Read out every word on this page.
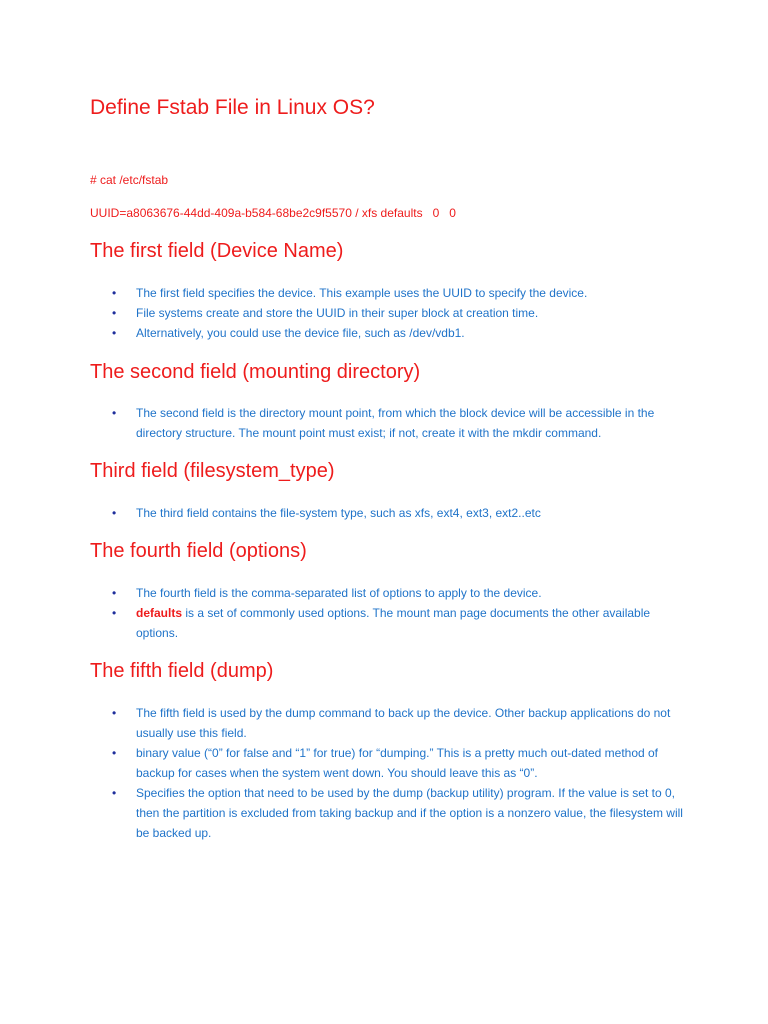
Define Fstab File in Linux OS?

# cat /etc/fstab

UUID=a8063676-44dd-409a-b584-68be2c9f5570 / xfs defaults   0   0

The first field (Device Name)
• The first field specifies the device. This example uses the UUID to specify the device.
• File systems create and store the UUID in their super block at creation time.
• Alternatively, you could use the device file, such as /dev/vdb1.
The second field (mounting directory)
• The second field is the directory mount point, from which the block device will be accessible in the directory structure. The mount point must exist; if not, create it with the mkdir command.
Third field (filesystem_type)
• The third field contains the file-system type, such as xfs, ext4, ext3, ext2..etc
The fourth field (options)
• The fourth field is the comma-separated list of options to apply to the device.
• defaults is a set of commonly used options. The mount man page documents the other available options.
The fifth field (dump)
• The fifth field is used by the dump command to back up the device. Other backup applications do not usually use this field.
• binary value (“0” for false and “1” for true) for “dumping.” This is a pretty much out-dated method of backup for cases when the system went down. You should leave this as “0”.
• Specifies the option that need to be used by the dump (backup utility) program. If the value is set to 0, then the partition is excluded from taking backup and if the option is a nonzero value, the filesystem will be backed up.
